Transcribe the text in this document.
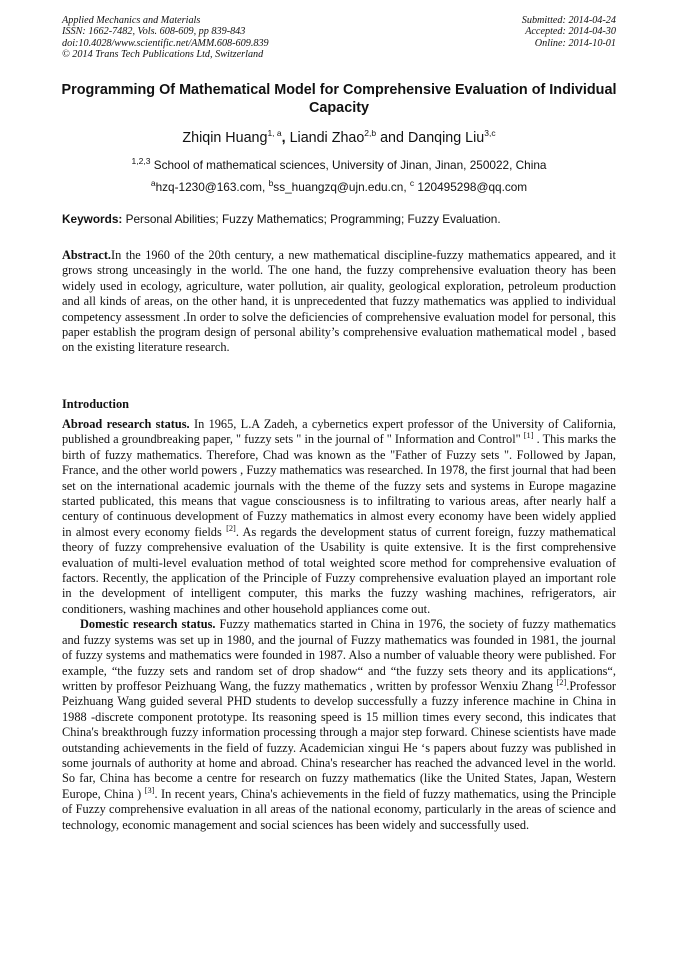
Applied Mechanics and Materials
ISSN: 1662-7482, Vols. 608-609, pp 839-843
doi:10.4028/www.scientific.net/AMM.608-609.839
© 2014 Trans Tech Publications Ltd, Switzerland
Submitted: 2014-04-24
Accepted: 2014-04-30
Online: 2014-10-01
Programming Of Mathematical Model for Comprehensive Evaluation of Individual Capacity
Zhiqin Huang$^{1, a}$, Liandi Zhao$^{2,b}$ and Danqing Liu$^{3,c}$
$^{1,2,3}$ School of mathematical sciences, University of Jinan, Jinan, 250022, China
$^a$hzq-1230@163.com, $^b$ss_huangzq@ujn.edu.cn, $^c$ 120495298@qq.com
Keywords: Personal Abilities; Fuzzy Mathematics; Programming; Fuzzy Evaluation.
Abstract.In the 1960 of the 20th century, a new mathematical discipline-fuzzy mathematics appeared, and it grows strong unceasingly in the world. The one hand, the fuzzy comprehensive evaluation theory has been widely used in ecology, agriculture, water pollution, air quality, geological exploration, petroleum production and all kinds of areas, on the other hand, it is unprecedented that fuzzy mathematics was applied to individual competency assessment .In order to solve the deficiencies of comprehensive evaluation model for personal, this paper establish the program design of personal ability’s comprehensive evaluation mathematical model , based on the existing literature research.
Introduction

Abroad research status. In 1965, L.A Zadeh, a cybernetics expert professor of the University of California, published a groundbreaking paper, " fuzzy sets " in the journal of " Information and Control" [1] . This marks the birth of fuzzy mathematics. Therefore, Chad was known as the "Father of Fuzzy sets ". Followed by Japan, France, and the other world powers , Fuzzy mathematics was researched. In 1978, the first journal that had been set on the international academic journals with the theme of the fuzzy sets and systems in Europe magazine started publicated, this means that vague consciousness is to infiltrating to various areas, after nearly half a century of continuous development of Fuzzy mathematics in almost every economy have been widely applied in almost every economy fields [2]. As regards the development status of current foreign, fuzzy mathematical theory of fuzzy comprehensive evaluation of the Usability is quite extensive. It is the first comprehensive evaluation of multi-level evaluation method of total weighted score method for comprehensive evaluation of factors. Recently, the application of the Principle of Fuzzy comprehensive evaluation played an important role in the development of intelligent computer, this marks the fuzzy washing machines, refrigerators, air conditioners, washing machines and other household appliances come out.

Domestic research status. Fuzzy mathematics started in China in 1976, the society of fuzzy mathematics and fuzzy systems was set up in 1980, and the journal of Fuzzy mathematics was founded in 1981, the journal of fuzzy systems and mathematics were founded in 1987. Also a number of valuable theory were published. For example, “the fuzzy sets and random set of drop shadow“ and “the fuzzy sets theory and its applications“, written by proffesor Peizhuang Wang, the fuzzy mathematics , written by professor Wenxiu Zhang [2].Professor Peizhuang Wang guided several PHD students to develop successfully a fuzzy inference machine in China in 1988 -discrete component prototype. Its reasoning speed is 15 million times every second, this indicates that China's breakthrough fuzzy information processing through a major step forward. Chinese scientists have made outstanding achievements in the field of fuzzy. Academician xingui He ‘s papers about fuzzy was published in some journals of authority at home and abroad. China's researcher has reached the advanced level in the world. So far, China has become a centre for research on fuzzy mathematics (like the United States, Japan, Western Europe, China ) [3]. In recent years, China's achievements in the field of fuzzy mathematics, using the Principle of Fuzzy comprehensive evaluation in all areas of the national economy, particularly in the areas of science and technology, economic management and social sciences has been widely and successfully used.
